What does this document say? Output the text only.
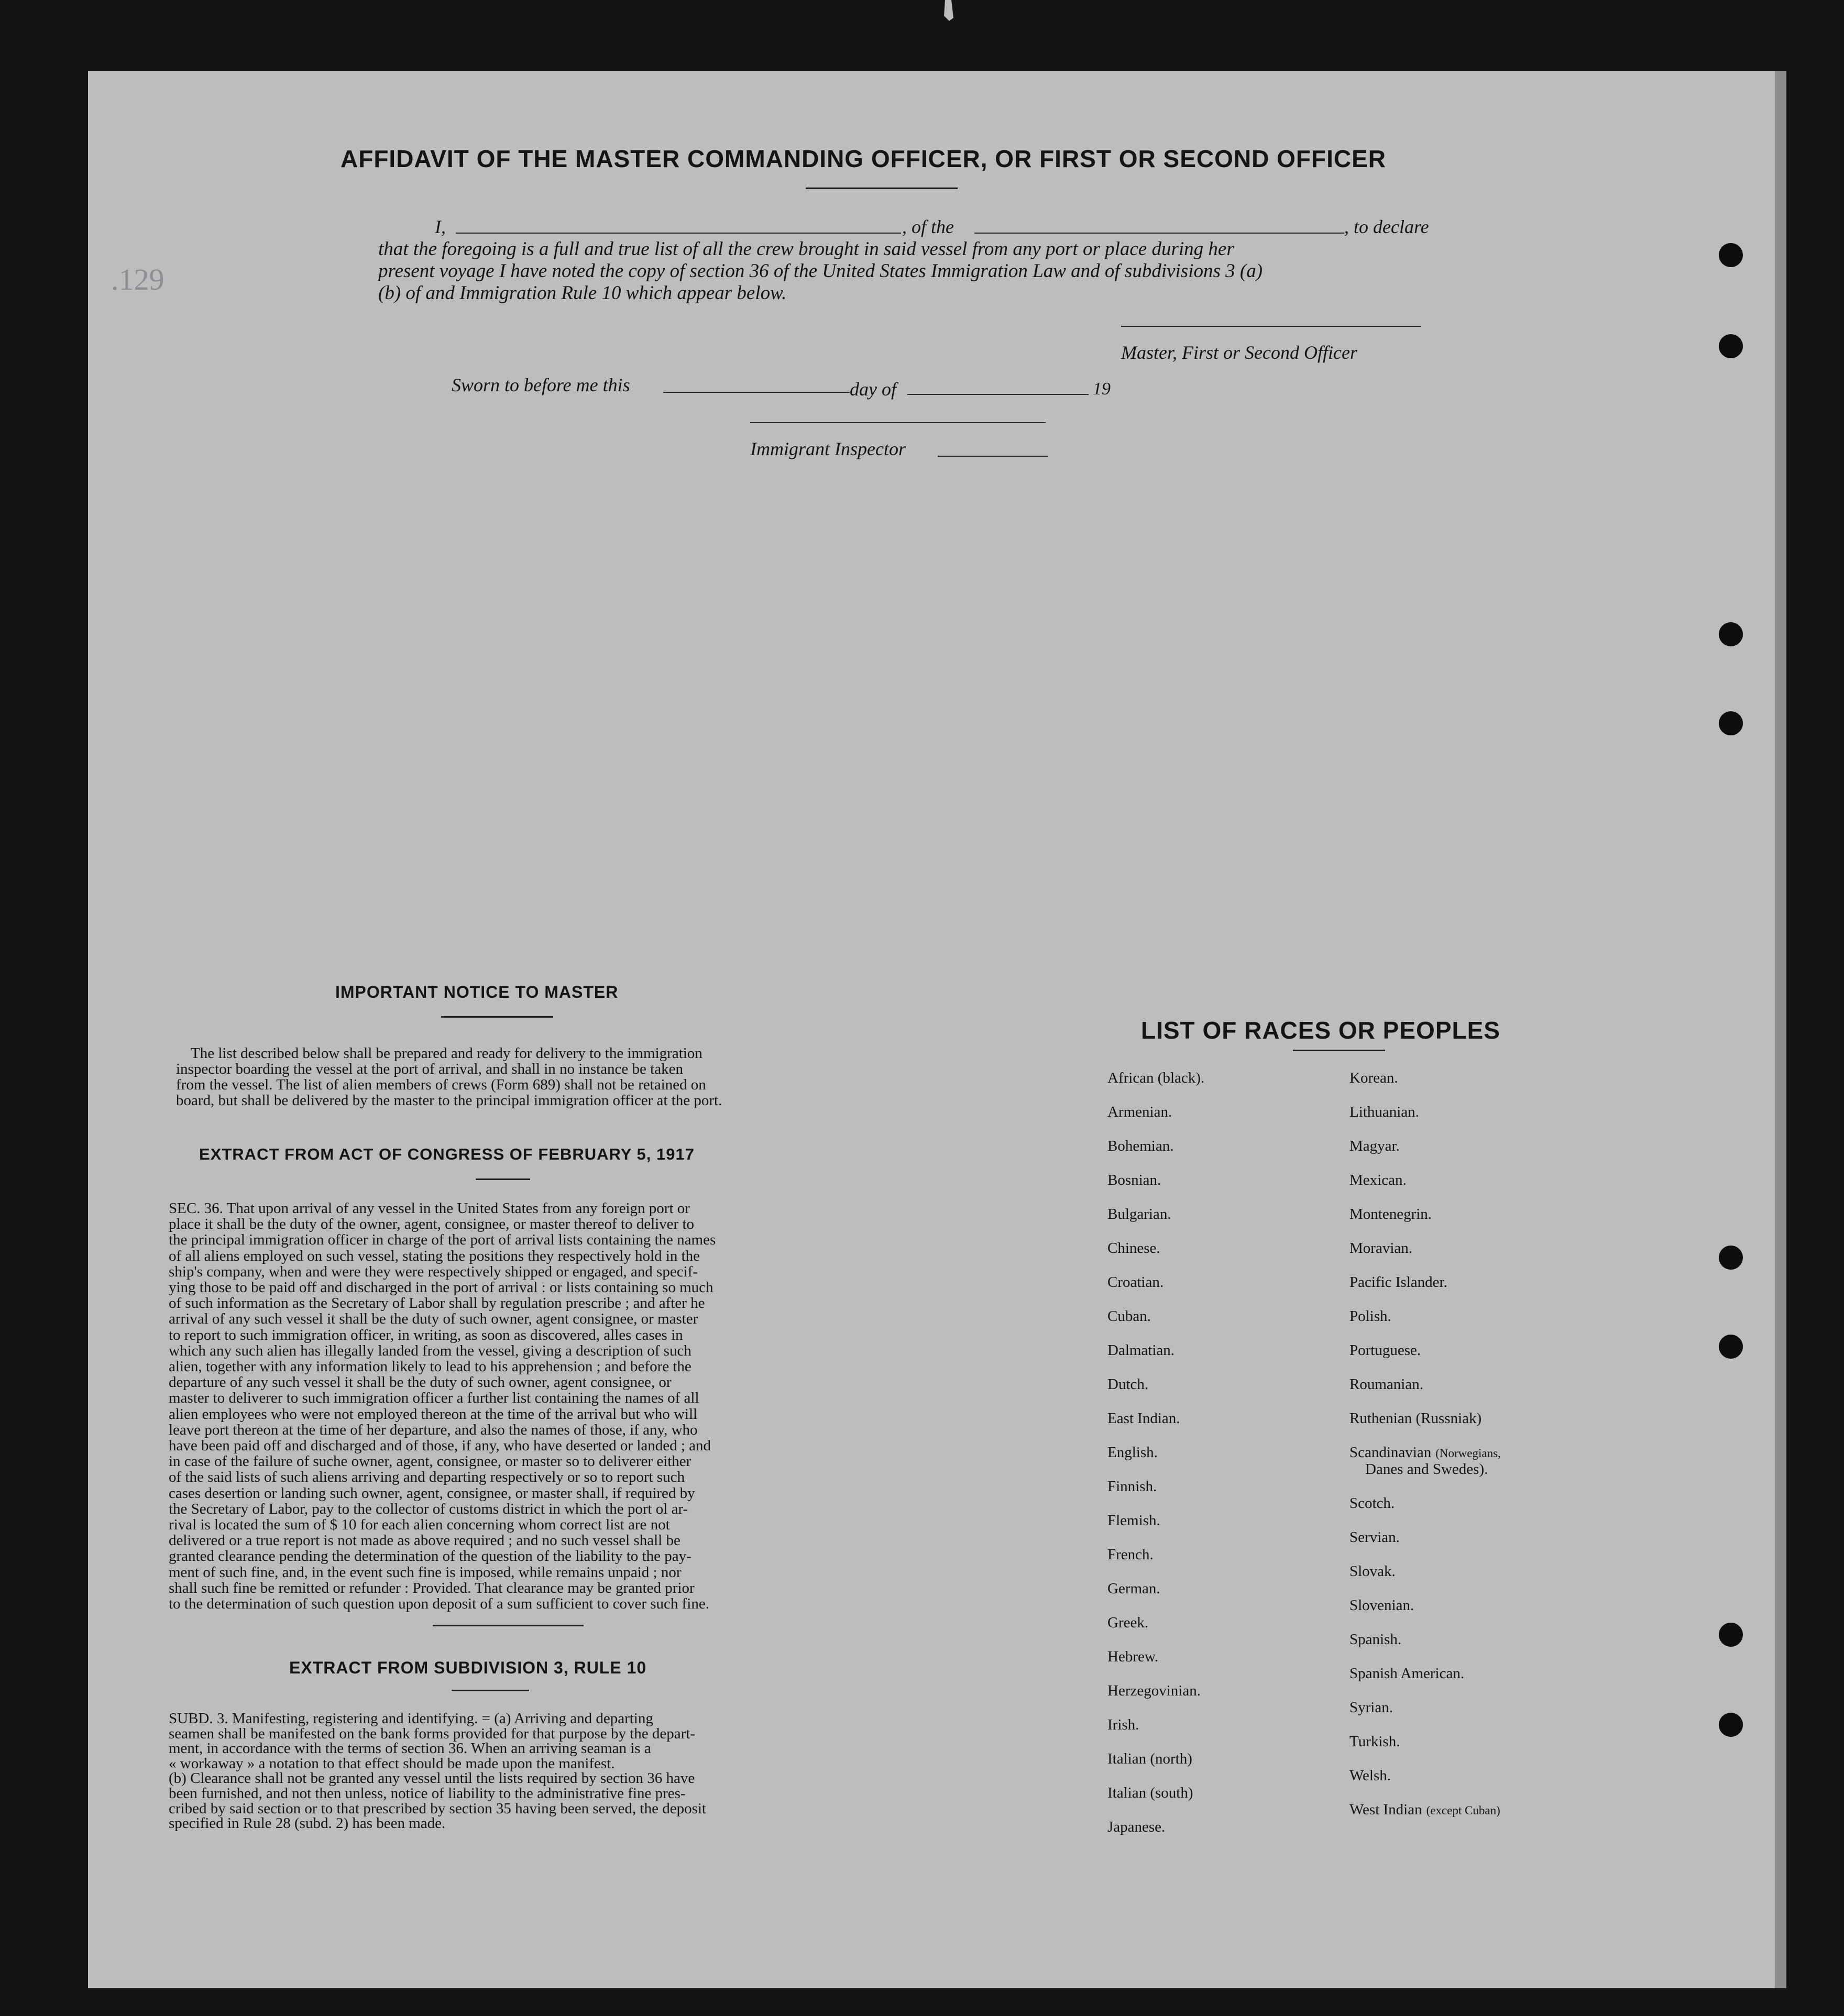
.129
AFFIDAVIT OF THE MASTER COMMANDING OFFICER, OR FIRST OR SECOND OFFICER
I,	, of the	, to declare
that the foregoing is a full and true list of all the crew brought in said vessel from any port or place during her
present voyage I have noted the copy of section 36 of the United States Immigration Law and of subdivisions 3 (a)
(b) of and Immigration Rule 10 which appear below.
Master, First or Second Officer
Sworn to before me this	day of	19
Immigrant Inspector
IMPORTANT NOTICE TO MASTER
The list described below shall be prepared and ready for delivery to the immigration
inspector boarding the vessel at the port of arrival, and shall in no instance be taken
from the vessel. The list of alien members of crews (Form 689) shall not be retained on
board, but shall be delivered by the master to the principal immigration officer at the port.
EXTRACT FROM ACT OF CONGRESS OF FEBRUARY 5, 1917
SEC. 36. That upon arrival of any vessel in the United States from any foreign port or
place it shall be the duty of the owner, agent, consignee, or master thereof to deliver to
the principal immigration officer in charge of the port of arrival lists containing the names
of all aliens employed on such vessel, stating the positions they respectively hold in the
ship's company, when and were they were respectively shipped or engaged, and specif-
ying those to be paid off and discharged in the port of arrival : or lists containing so much
of such information as the Secretary of Labor shall by regulation prescribe ; and after he
arrival of any such vessel it shall be the duty of such owner, agent consignee, or master
to report to such immigration officer, in writing, as soon as discovered, alles cases in
which any such alien has illegally landed from the vessel, giving a description of such
alien, together with any information likely to lead to his apprehension ; and before the
departure of any such vessel it shall be the duty of such owner, agent consignee, or
master to deliverer to such immigration officer a further list containing the names of all
alien employees who were not employed thereon at the time of the arrival but who will
leave port thereon at the time of her departure, and also the names of those, if any, who
have been paid off and discharged and of those, if any, who have deserted or landed ; and
in case of the failure of suche owner, agent, consignee, or master so to deliverer either
of the said lists of such aliens arriving and departing respectively or so to report such
cases desertion or landing such owner, agent, consignee, or master shall, if required by
the Secretary of Labor, pay to the collector of customs district in which the port ol ar-
rival is located the sum of $ 10 for each alien concerning whom correct list are not
delivered or a true report is not made as above required ; and no such vessel shall be
granted clearance pending the determination of the question of the liability to the pay-
ment of such fine, and, in the event such fine is imposed, while remains unpaid ; nor
shall such fine be remitted or refunder : Provided. That clearance may be granted prior
to the determination of such question upon deposit of a sum sufficient to cover such fine.
EXTRACT FROM SUBDIVISION 3, RULE 10
SUBD. 3. Manifesting, registering and identifying. = (a) Arriving and departing
seamen shall be manifested on the bank forms provided for that purpose by the depart-
ment, in accordance with the terms of section 36. When an arriving seaman is a
« workaway » a notation to that effect should be made upon the manifest.
(b) Clearance shall not be granted any vessel until the lists required by section 36 have
been furnished, and not then unless, notice of liability to the administrative fine pres-
cribed by said section or to that prescribed by section 35 having been served, the deposit
specified in Rule 28 (subd. 2) has been made.
LIST OF RACES OR PEOPLES
African (black).
Armenian.
Bohemian.
Bosnian.
Bulgarian.
Chinese.
Croatian.
Cuban.
Dalmatian.
Dutch.
East Indian.
English.
Finnish.
Flemish.
French.
German.
Greek.
Hebrew.
Herzegovinian.
Irish.
Italian (north)
Italian (south)
Japanese.
Korean.
Lithuanian.
Magyar.
Mexican.
Montenegrin.
Moravian.
Pacific Islander.
Polish.
Portuguese.
Roumanian.
Ruthenian (Russniak)
Scandinavian (Norwegians,
Danes and Swedes).
Scotch.
Servian.
Slovak.
Slovenian.
Spanish.
Spanish American.
Syrian.
Turkish.
Welsh.
West Indian (except Cuban)
